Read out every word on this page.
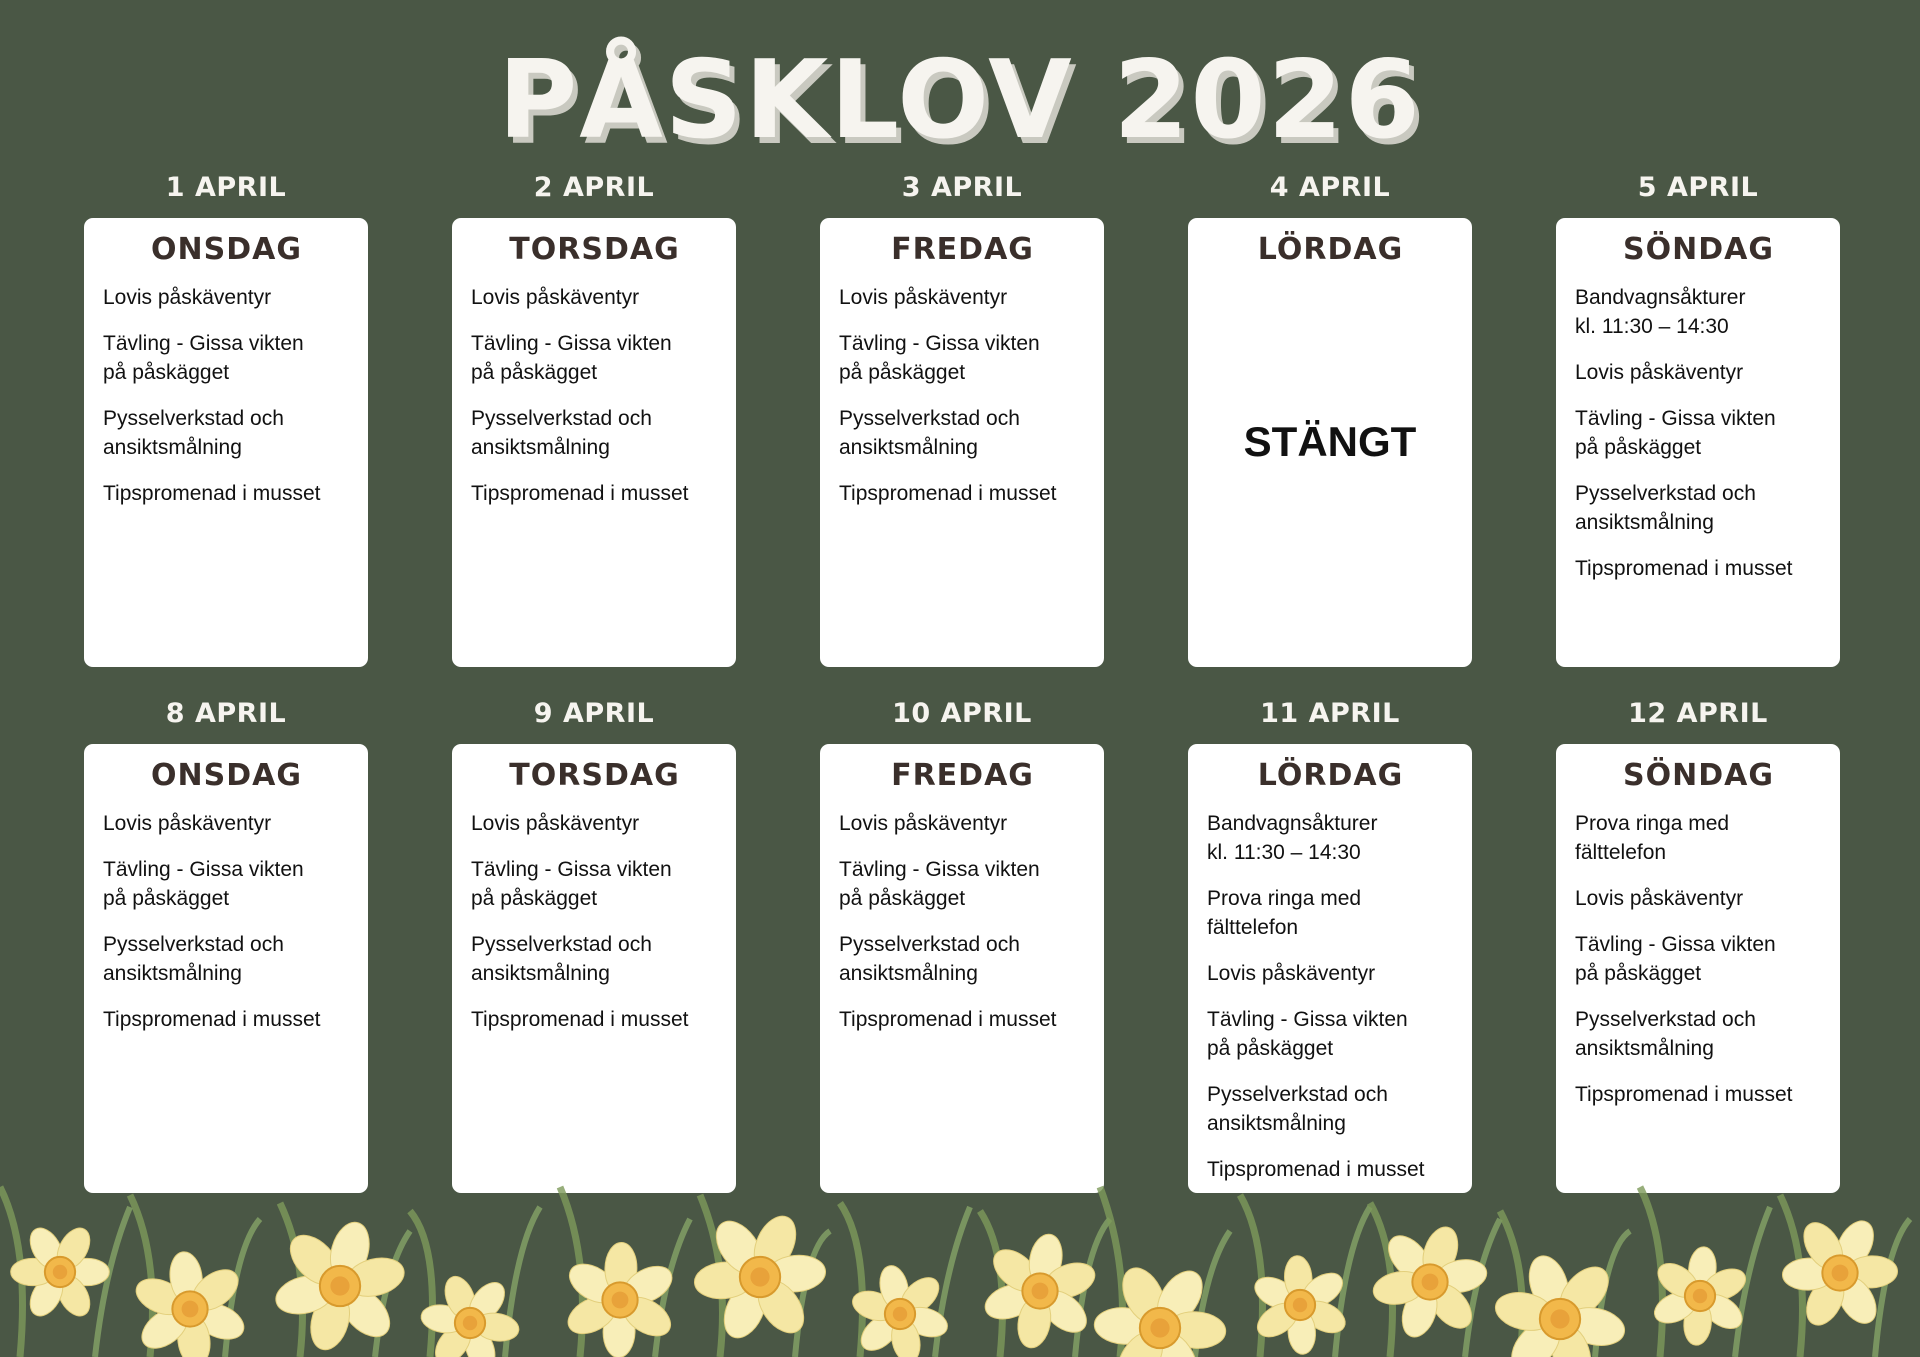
PÅSKLOV 2026
1 APRIL
ONSDAG
Lovis påskäventyr
Tävling - Gissa vikten
på påskägget
Pysselverkstad och
ansiktsmålning
Tipspromenad i musset
2 APRIL
TORSDAG
Lovis påskäventyr
Tävling - Gissa vikten
på påskägget
Pysselverkstad och
ansiktsmålning
Tipspromenad i musset
3 APRIL
FREDAG
Lovis påskäventyr
Tävling - Gissa vikten
på påskägget
Pysselverkstad och
ansiktsmålning
Tipspromenad i musset
4 APRIL
LÖRDAG
STÄNGT
5 APRIL
SÖNDAG
Bandvagnsåkturer
kl. 11:30 – 14:30
Lovis påskäventyr
Tävling - Gissa vikten
på påskägget
Pysselverkstad och
ansiktsmålning
Tipspromenad i musset
8 APRIL
ONSDAG
Lovis påskäventyr
Tävling - Gissa vikten
på påskägget
Pysselverkstad och
ansiktsmålning
Tipspromenad i musset
9 APRIL
TORSDAG
Lovis påskäventyr
Tävling - Gissa vikten
på påskägget
Pysselverkstad och
ansiktsmålning
Tipspromenad i musset
10 APRIL
FREDAG
Lovis påskäventyr
Tävling - Gissa vikten
på påskägget
Pysselverkstad och
ansiktsmålning
Tipspromenad i musset
11 APRIL
LÖRDAG
Bandvagnsåkturer
kl. 11:30 – 14:30
Prova ringa med
fälttelefon
Lovis påskäventyr
Tävling - Gissa vikten
på påskägget
Pysselverkstad och
ansiktsmålning
Tipspromenad i musset
12 APRIL
SÖNDAG
Prova ringa med
fälttelefon
Lovis påskäventyr
Tävling - Gissa vikten
på påskägget
Pysselverkstad och
ansiktsmålning
Tipspromenad i musset
